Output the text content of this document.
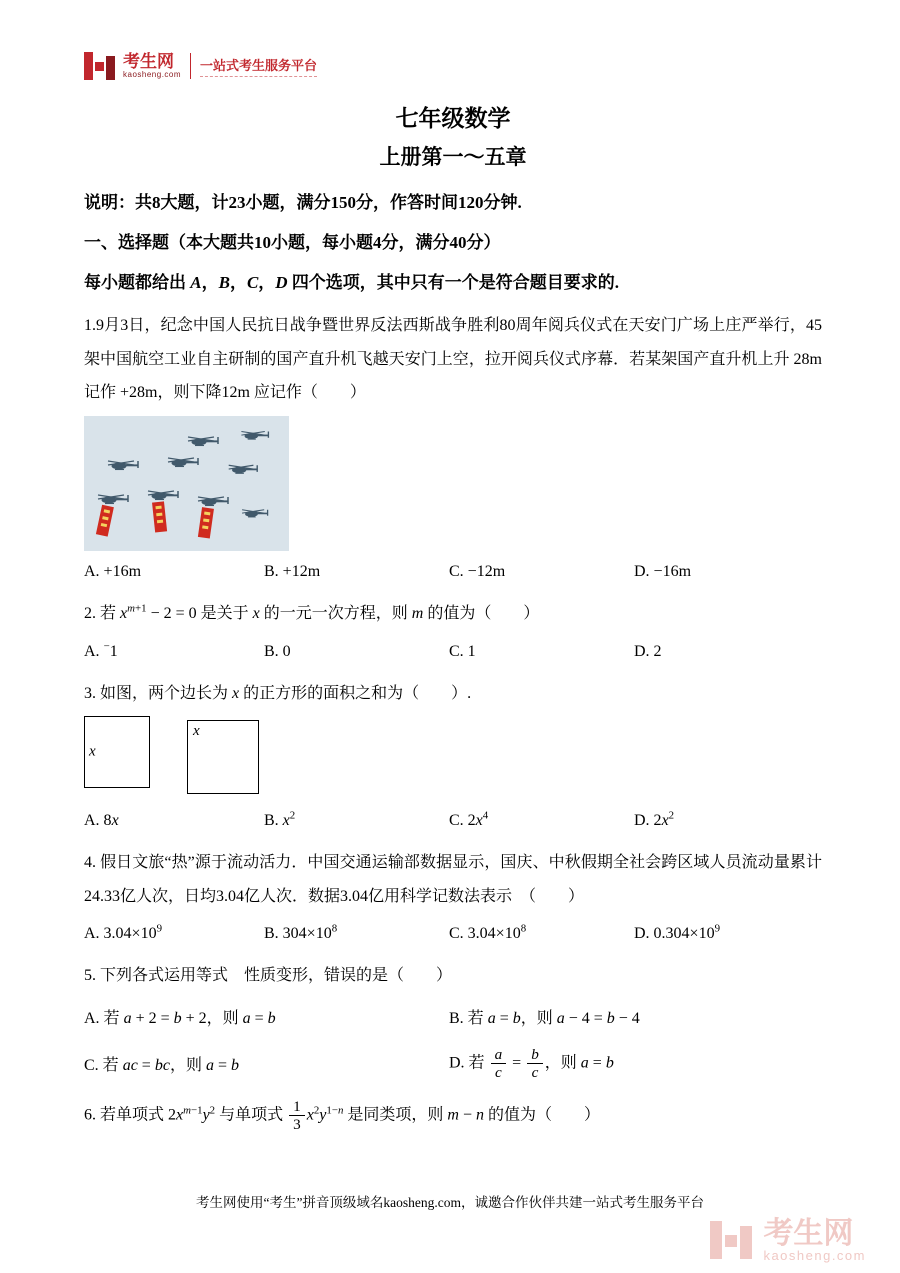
考生网
kaosheng.com
一站式考生服务平台
七年级数学
上册第一～五章

说明：共8大题，计23小题，满分150分，作答时间120分钟.

一、选择题（本大题共10小题，每小题4分，满分40分）

每小题都给出 A，B，C，D 四个选项，其中只有一个是符合题目要求的.

1.9月3日，纪念中国人民抗日战争暨世界反法西斯战争胜利80周年阅兵仪式在天安门广场上庄严举行，45架中国航空工业自主研制的国产直升机飞越天安门上空，拉开阅兵仪式序幕．若某架国产直升机上升 28m记作 +28m，则下降12m 应记作（　　）

A. +16m	B. +12m	C. −12m	D. −16m

2. 若 $x^{m+1} - 2 = 0$ 是关于 x 的一元一次方程，则 m 的值为（　　）

A. −1	B. 0	C. 1	D. 2

3. 如图，两个边长为 x 的正方形的面积之和为（　　）.

x

x
A. 8x	B. $x^2$	C. $2x^4$	D. $2x^2$

4. 假日文旅“热”源于流动活力．中国交通运输部数据显示，国庆、中秋假期全社会跨区域人员流动量累计24.33亿人次，日均3.04亿人次．数据3.04亿用科学记数法表示　（　　）

A. $3.04\times 10^9$	B. $304\times 10^8$	C. $3.04\times 10^8$	D. $0.304\times 10^9$

5. 下列各式运用等式　性质变形，错误的是（　　）

A. 若 a + 2 = b + 2，则 a = b	B. 若 a = b，则 a − 4 = b − 4
C. 若 ac = bc，则 a = b	D. 若 $\frac{a}{c} = \frac{b}{c}$ ，则 a = b

6. 若单项式 $2x^{m-1}y^2$ 与单项式 $\frac{1}{3} x^2y^{1-n}$ 是同类项，则 m − n 的值为（　　）

考生网使用“考生”拼音顶级域名kaosheng.com，诚邀合作伙伴共建一站式考生服务平台
考生网
kaosheng.com
